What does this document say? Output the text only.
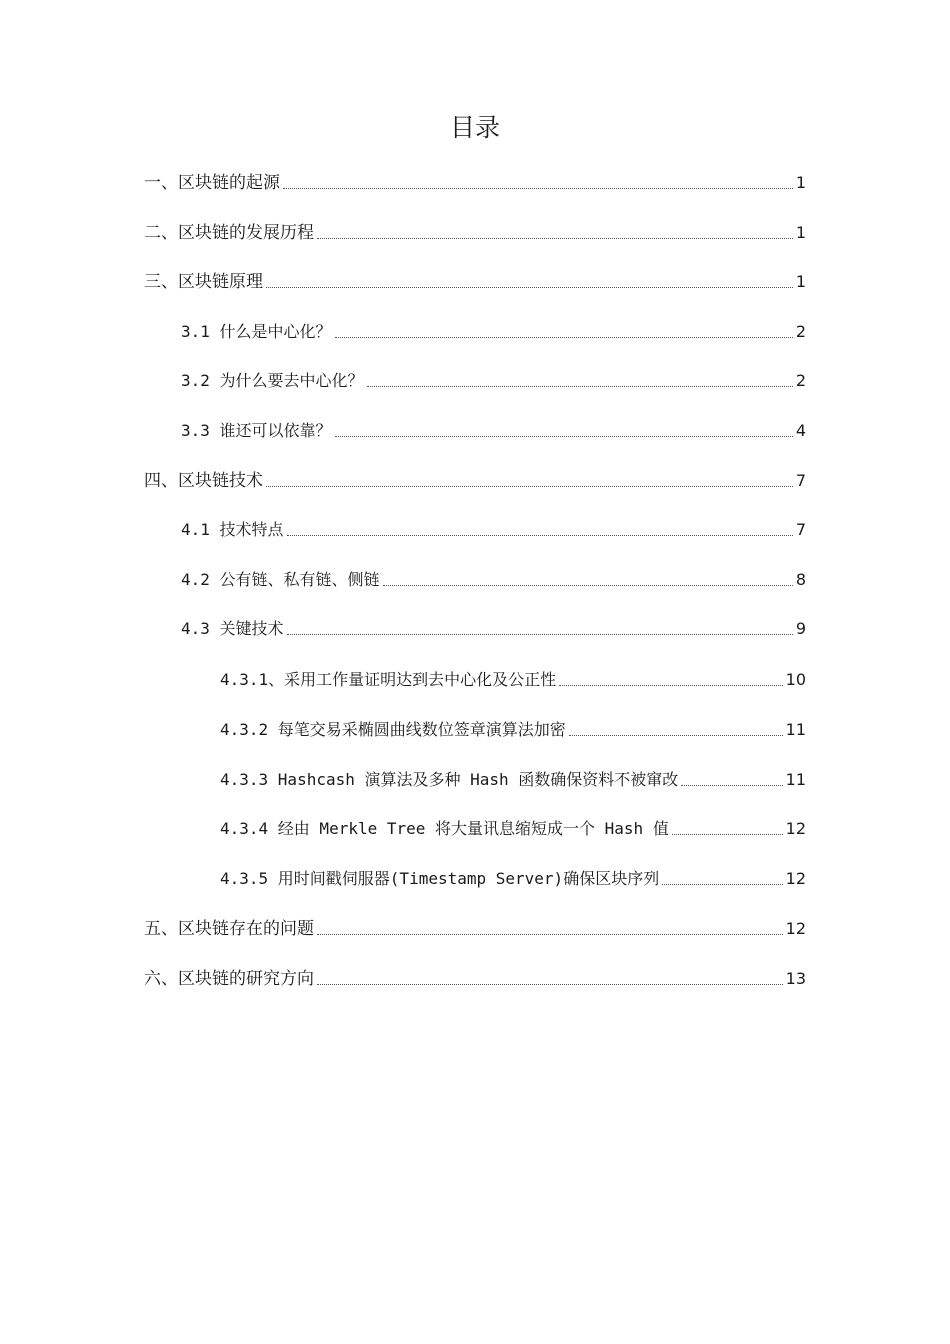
目录
一、区块链的起源	1
二、区块链的发展历程	1
三、区块链原理	1
3.1 什么是中心化？	2
3.2 为什么要去中心化？	2
3.3 谁还可以依靠？	4
四、区块链技术	7
4.1 技术特点	7
4.2 公有链、私有链、侧链	8
4.3 关键技术	9
4.3.1、采用工作量证明达到去中心化及公正性	10
4.3.2 每笔交易采椭圆曲线数位签章演算法加密	11
4.3.3 Hashcash 演算法及多种 Hash 函数确保资料不被窜改	11
4.3.4 经由 Merkle Tree 将大量讯息缩短成一个 Hash 值	12
4.3.5 用时间戳伺服器(Timestamp Server)确保区块序列	12
五、区块链存在的问题	12
六、区块链的研究方向	13
